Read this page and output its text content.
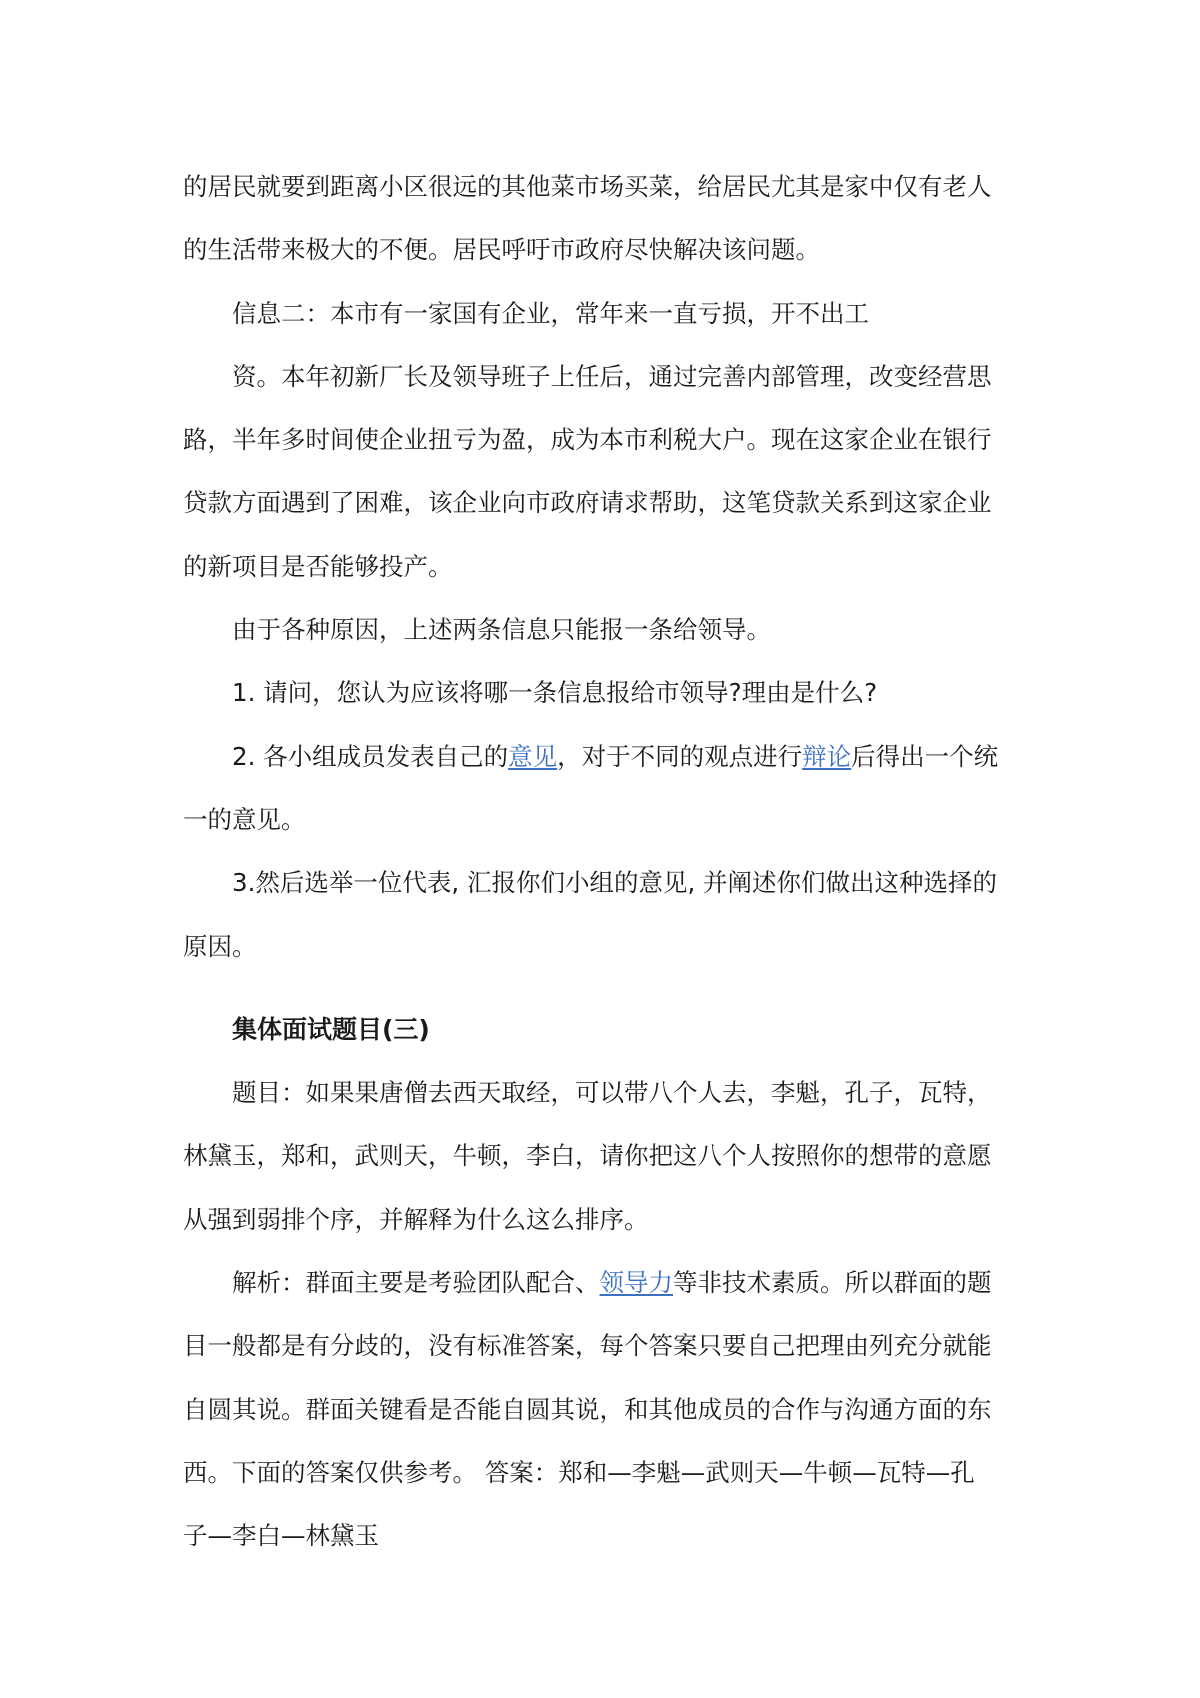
的居民就要到距离小区很远的其他菜市场买菜，给居民尤其是家中仅有老人
的生活带来极大的不便。居民呼吁市政府尽快解决该问题。
信息二：本市有一家国有企业，常年来一直亏损，开不出工
资。本年初新厂长及领导班子上任后，通过完善内部管理，改变经营思
路，半年多时间使企业扭亏为盈，成为本市利税大户。现在这家企业在银行
贷款方面遇到了困难，该企业向市政府请求帮助，这笔贷款关系到这家企业
的新项目是否能够投产。
由于各种原因，上述两条信息只能报一条给领导。
1. 请问，您认为应该将哪一条信息报给市领导?理由是什么?
2. 各小组成员发表自己的意见，对于不同的观点进行辩论后得出一个统
一的意见。
3.然后选举一位代表, 汇报你们小组的意见, 并阐述你们做出这种选择的
原因。
集体面试题目(三)
题目：如果果唐僧去西天取经，可以带八个人去，李魁，孔子，瓦特，
林黛玉，郑和，武则天，牛顿，李白，请你把这八个人按照你的想带的意愿
从强到弱排个序，并解释为什么这么排序。
解析：群面主要是考验团队配合、领导力等非技术素质。所以群面的题
目一般都是有分歧的，没有标准答案，每个答案只要自己把理由列充分就能
自圆其说。群面关键看是否能自圆其说，和其他成员的合作与沟通方面的东
西。下面的答案仅供参考。 答案：郑和—李魁—武则天—牛顿—瓦特—孔
子—李白—林黛玉
